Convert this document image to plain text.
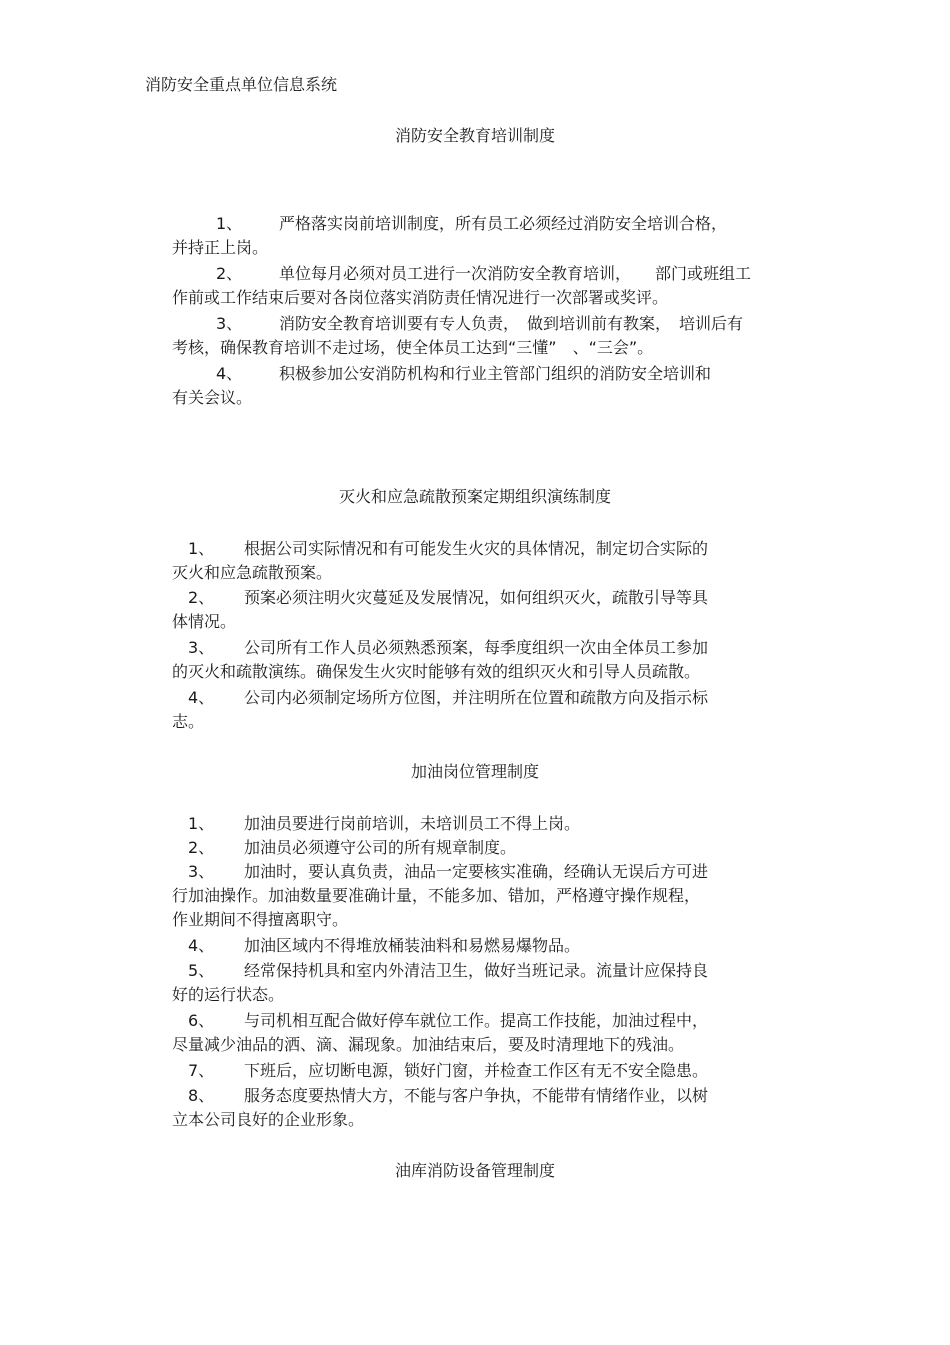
消防安全重点单位信息系统
消防安全教育培训制度
1、 严格落实岗前培训制度，所有员工必须经过消防安全培训合格，
并持正上岗。
2、 单位每月必须对员工进行一次消防安全教育培训，　　部门或班组工
作前或工作结束后要对各岗位落实消防责任情况进行一次部署或奖评。
3、 消防安全教育培训要有专人负责，　做到培训前有教案，　培训后有
考核，确保教育培训不走过场，使全体员工达到“三懂”　、“三会”。
4、 积极参加公安消防机构和行业主管部门组织的消防安全培训和
有关会议。
灭火和应急疏散预案定期组织演练制度
1、 根据公司实际情况和有可能发生火灾的具体情况，制定切合实际的
灭火和应急疏散预案。
2、 预案必须注明火灾蔓延及发展情况，如何组织灭火，疏散引导等具
体情况。
3、 公司所有工作人员必须熟悉预案，每季度组织一次由全体员工参加
的灭火和疏散演练。确保发生火灾时能够有效的组织灭火和引导人员疏散。
4、 公司内必须制定场所方位图，并注明所在位置和疏散方向及指示标
志。
加油岗位管理制度
1、 加油员要进行岗前培训，未培训员工不得上岗。
2、 加油员必须遵守公司的所有规章制度。
3、 加油时，要认真负责，油品一定要核实准确，经确认无误后方可进
行加油操作。加油数量要准确计量，不能多加、错加，严格遵守操作规程，
作业期间不得擅离职守。
4、 加油区域内不得堆放桶装油料和易燃易爆物品。
5、 经常保持机具和室内外清洁卫生，做好当班记录。流量计应保持良
好的运行状态。
6、 与司机相互配合做好停车就位工作。提高工作技能，加油过程中，
尽量减少油品的洒、滴、漏现象。加油结束后，要及时清理地下的残油。
7、 下班后，应切断电源，锁好门窗，并检查工作区有无不安全隐患。
8、 服务态度要热情大方，不能与客户争执，不能带有情绪作业，以树
立本公司良好的企业形象。
油库消防设备管理制度
